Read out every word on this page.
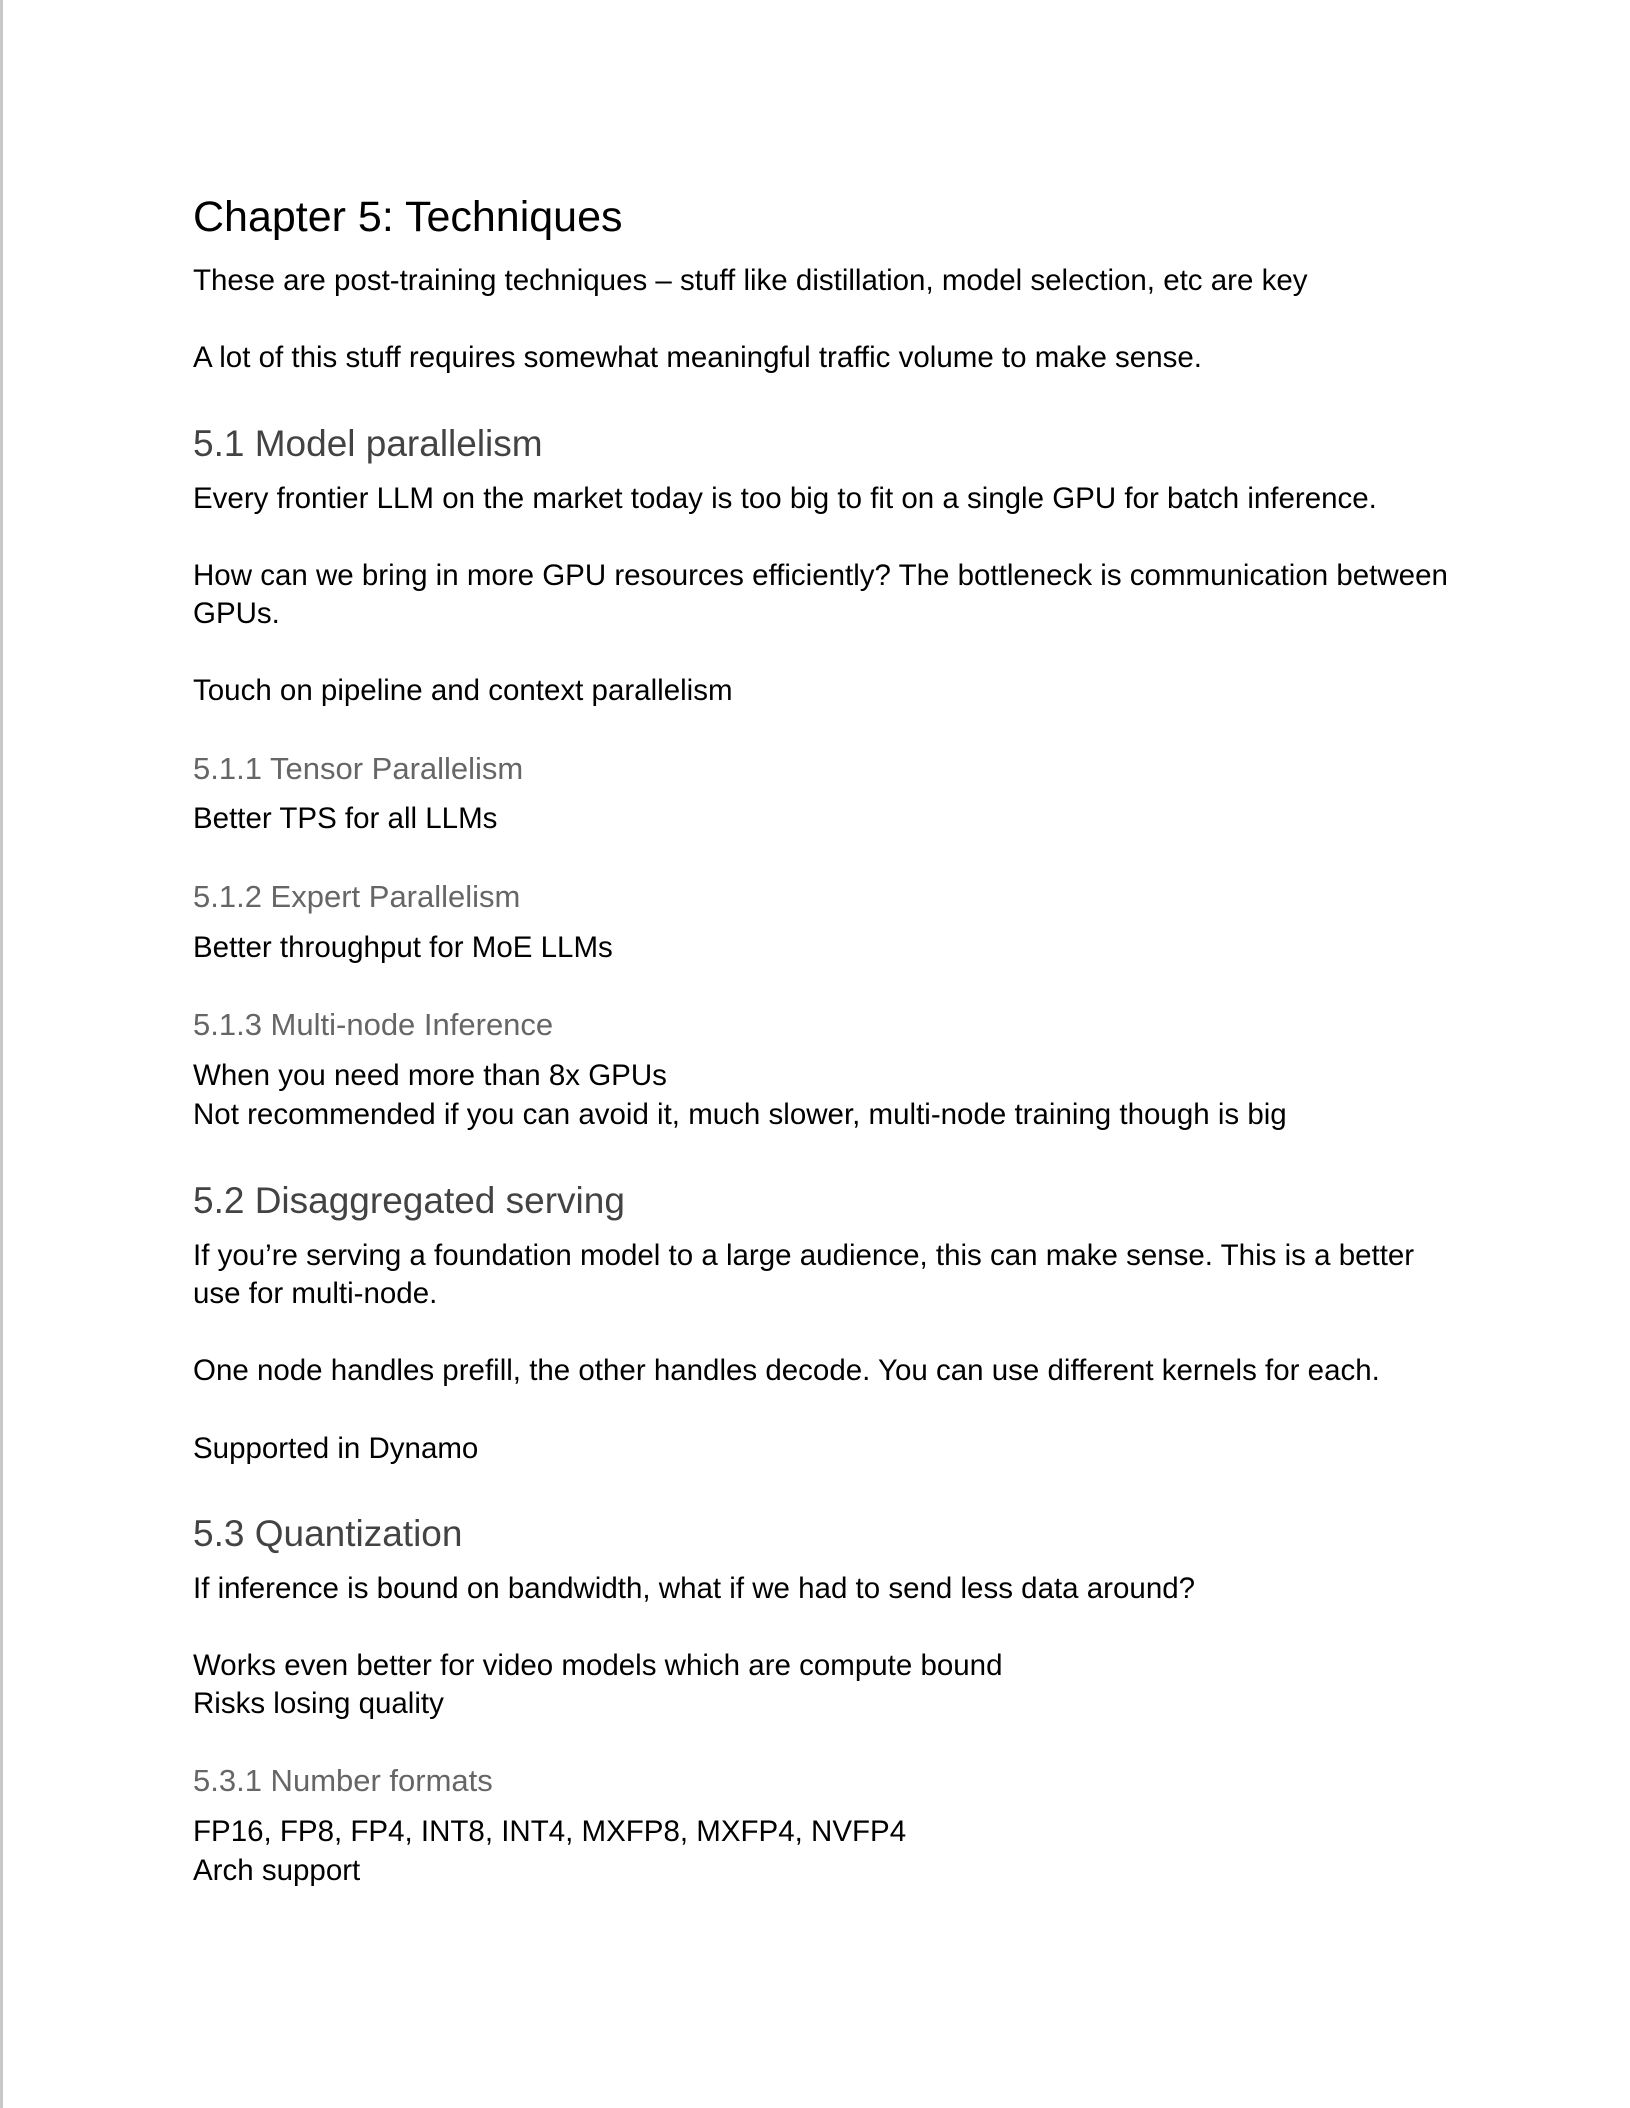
Chapter 5: Techniques
These are post-training techniques – stuff like distillation, model selection, etc are key
A lot of this stuff requires somewhat meaningful traffic volume to make sense.
5.1 Model parallelism
Every frontier LLM on the market today is too big to fit on a single GPU for batch inference.
How can we bring in more GPU resources efficiently? The bottleneck is communication between
GPUs.
Touch on pipeline and context parallelism
5.1.1 Tensor Parallelism
Better TPS for all LLMs
5.1.2 Expert Parallelism
Better throughput for MoE LLMs
5.1.3 Multi-node Inference
When you need more than 8x GPUs
Not recommended if you can avoid it, much slower, multi-node training though is big
5.2 Disaggregated serving
If you’re serving a foundation model to a large audience, this can make sense. This is a better
use for multi-node.
One node handles prefill, the other handles decode. You can use different kernels for each.
Supported in Dynamo
5.3 Quantization
If inference is bound on bandwidth, what if we had to send less data around?
Works even better for video models which are compute bound
Risks losing quality
5.3.1 Number formats
FP16, FP8, FP4, INT8, INT4, MXFP8, MXFP4, NVFP4
Arch support
